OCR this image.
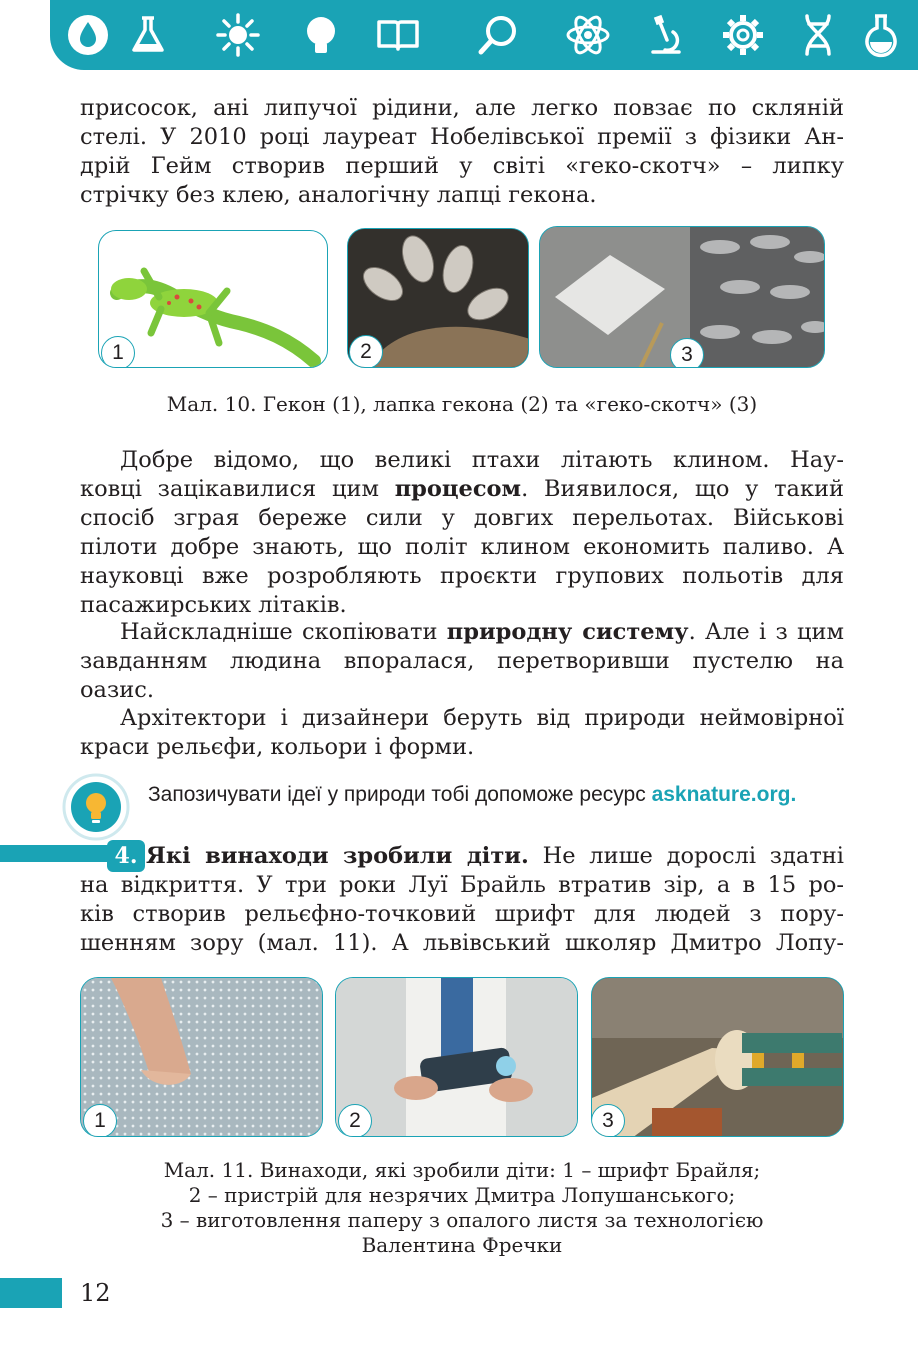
присосок, ані липучої рідини, але легко повзає по скляній
стелі. У 2010 році лауреат Нобелівської премії з фізики Ан-
дрій Гейм створив перший у світі «геко-скотч» – липку
стрічку без клею, аналогічну лапці гекона.
1	2	3
Мал. 10. Гекон (1), лапка гекона (2) та «геко-скотч» (3)
Добре відомо, що великі птахи літають клином. Нау-
ковці зацікавилися цим процесом. Виявилося, що у такий
спосіб зграя береже сили у довгих перельотах. Військові
пілоти добре знають, що політ клином економить паливо. А
науковці вже розробляють проєкти групових польотів для
пасажирських літаків.
Найскладніше скопіювати природну систему. Але і з цим
завданням людина впоралася, перетворивши пустелю на
оазис.
Архітектори і дизайнери беруть від природи неймовірної
краси рельєфи, кольори і форми.
Запозичувати ідеї у природи тобі допоможе ресурс asknature.org.
4. Які винаходи зробили діти. Не лише дорослі здатні
на відкриття. У три роки Луї Брайль втратив зір, а в 15 ро-
ків створив рельєфно-точковий шрифт для людей з пору-
шенням зору (мал. 11). А львівський школяр Дмитро Лопу-
1	2	3
Мал. 11. Винаходи, які зробили діти: 1 – шрифт Брайля;
2 – пристрій для незрячих Дмитра Лопушанського;
3 – виготовлення паперу з опалого листя за технологією
Валентина Фречки
12
